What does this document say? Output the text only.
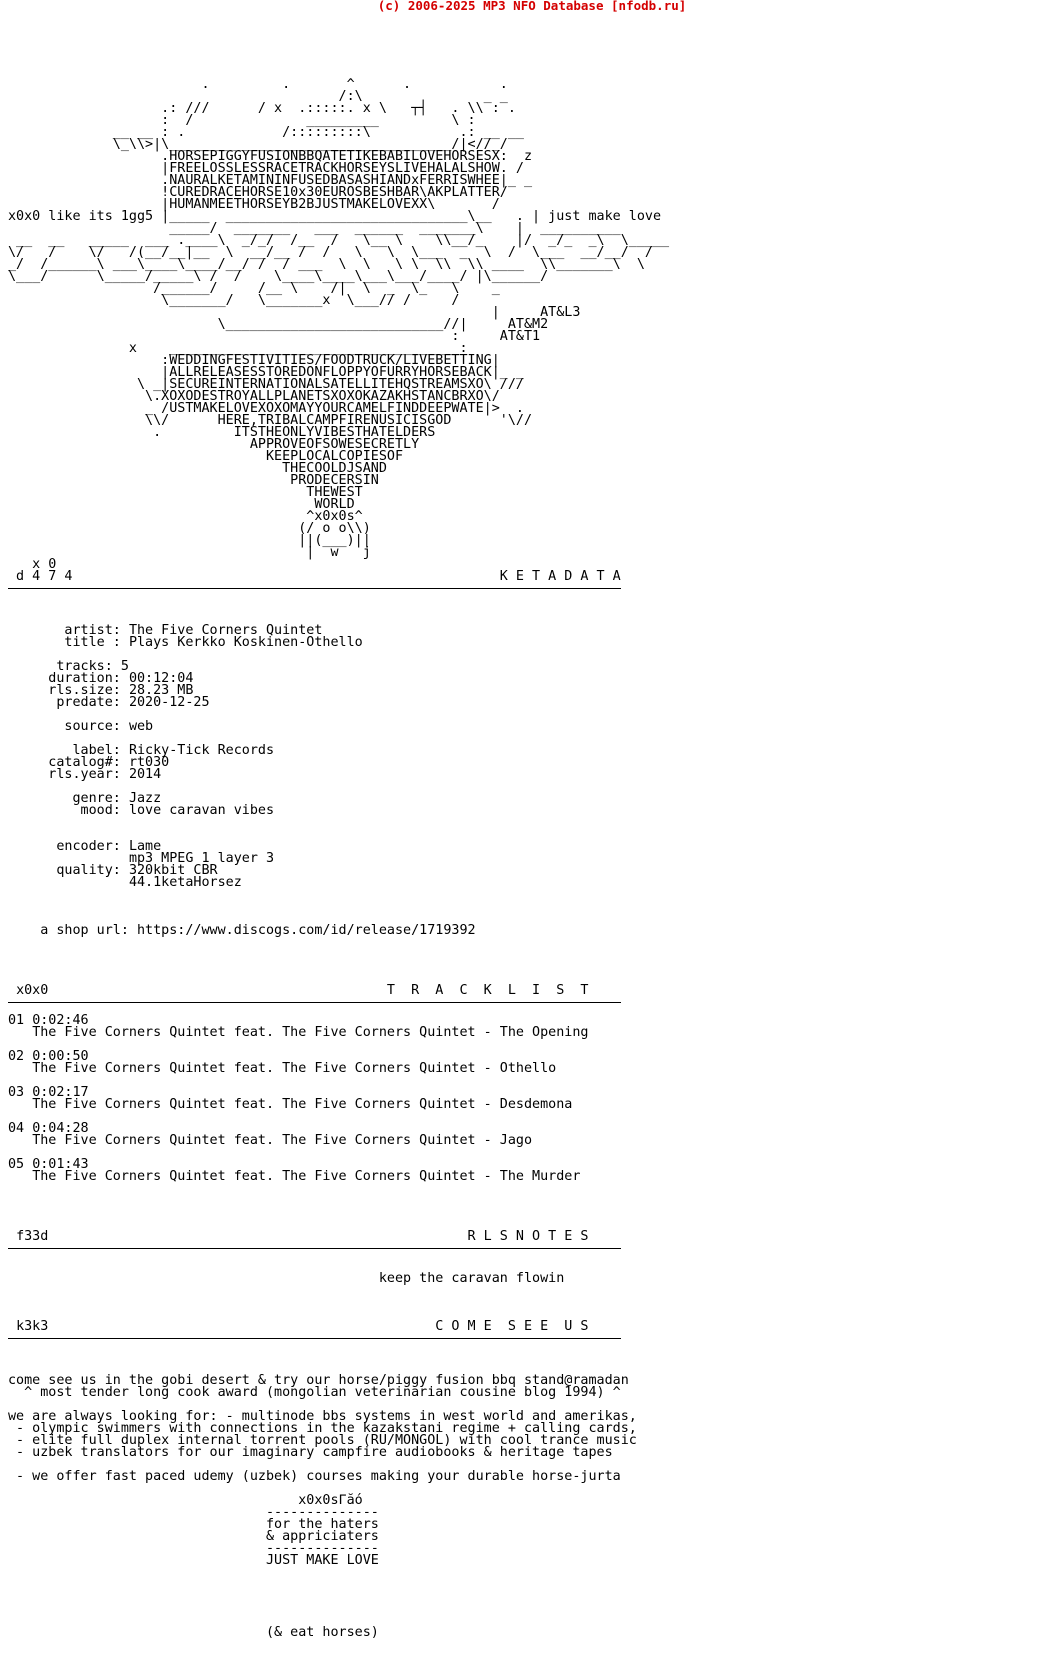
(c) 2006-2025 MP3 NFO Database [nfodb.ru]
.         .       ^      .           .
/:\               _ _
.: ///      / x  .:::::. x \   ┬┤   . \\ : .
:  /              _________         \ :
__ __ : .            /:::::::::\           .: __ __
\_\\>|\___________________________________/|<//_/
.HORSEPIGGYFUSIONBBQATETIKEBABILOVEHORSESX:  z
|FREELOSSLESSRACETRACKHORSEYSLIVEHALALSHOW. /
.NAURALKETAMININFUSEDBASASHIANDxFERRISWHEE|_ _
!CUREDRACEHORSE10x30EUROSBESHBAR\AKPLATTER/
|HUMANMEETHORSEYB2BJUSTMAKELOVEXX\       /
x0x0 like its 1gg5 |_____  ______________________________\__   . | just make love
_____/  _______   ___  ______  _______\    |  __________
__  __   _____  ___ .____\  _/_/  /__  /   \__ \    \\__/_    |/  _/_  _\  \_____
\/   /    \/   /(__/__|__  \  __/__ /  /   \   \  \___  _  \  /  \___  __/__/  /
_/  /______\ ___\____\____/__/ /  / ___  \  \   \ \  \\  \\ ____  \\_______\  \
\___/      \_____/_____\ /  /    \____\____\___\___/____/ |\______/
/______/     /__ \    /|  \  _  \_   \    _
\_______/   \_______x  \___// /     /
|     AT&L3
\___________________________//|	AT&M2
:	AT&T1
x    ____________________________________:
:WEDDINGFESTIVITIES/FOODTRUCK/LIVEBETTING|
|ALLRELEASESSTOREDONFLOPPYOFURRYHORSEBACK|_ _
\ _|SECUREINTERNATIONALSATELLITEHQSTREAMSXO\ ///
\.XOXODESTROYALLPLANETSXOXOKAZAKHSTANCBRXO\/
_ /USTMAKELOVEXOXOMAYYOURCAMELFINDDEEPWATE|>  .
\\/      HERE,TRIBALCAMPFIRENUSICISGOD      '\//
.         ITSTHEONLYVIBESTHATELDERS
APPROVEOFSOWESECRETLY
KEEPLOCALCOPIESOF
THECOOLDJSAND
PRODECERSIN
THEWEST
WORLD
^x0x0s^
(/ o o\\)
||(___)||
|  w   j
x 0
d 4 7 4	K E T A D A T A

artist: The Five Corners Quintet
title : Plays Kerkko Koskinen-Othello

tracks: 5
duration: 00:12:04
rls.size: 28.23 MB
predate: 2020-12-25

source: web

label: Ricky-Tick Records
catalog#: rt030
rls.year: 2014

genre: Jazz
mood: love caravan vibes

encoder: Lame
mp3 MPEG 1 layer 3
quality: 320kbit CBR
44.1ketaHorsez

a shop url: https://www.discogs.com/id/release/1719392

x0x0	T  R  A  C  K  L  I  S  T

01 0:02:46
The Five Corners Quintet feat. The Five Corners Quintet - The Opening

02 0:00:50
The Five Corners Quintet feat. The Five Corners Quintet - Othello

03 0:02:17
The Five Corners Quintet feat. The Five Corners Quintet - Desdemona

04 0:04:28
The Five Corners Quintet feat. The Five Corners Quintet - Jago

05 0:01:43
The Five Corners Quintet feat. The Five Corners Quintet - The Murder

f33d	R L S N O T E S

keep the caravan flowin

k3k3	C O M E  S E E  U S

come see us in the gobi desert & try our horse/piggy fusion bbq stand@ramadan
^ most tender long cook award (mongolian veterinarian cousine blog 1994) ^

we are always looking for: - multinode bbs systems in west world and amerikas,
- olympic swimmers with connections in the kazakstani regime + calling cards,
- elite full duplex internal torrent pools (RU/MONGOL) with cool trance music
- uzbek translators for our imaginary campfire audiobooks & heritage tapes

- we offer fast paced udemy (uzbek) courses making your durable horse-jurta

x0x0sΓăó
--------------
for the haters
& appriciaters
--------------
JUST MAKE LOVE

(& eat horses)
